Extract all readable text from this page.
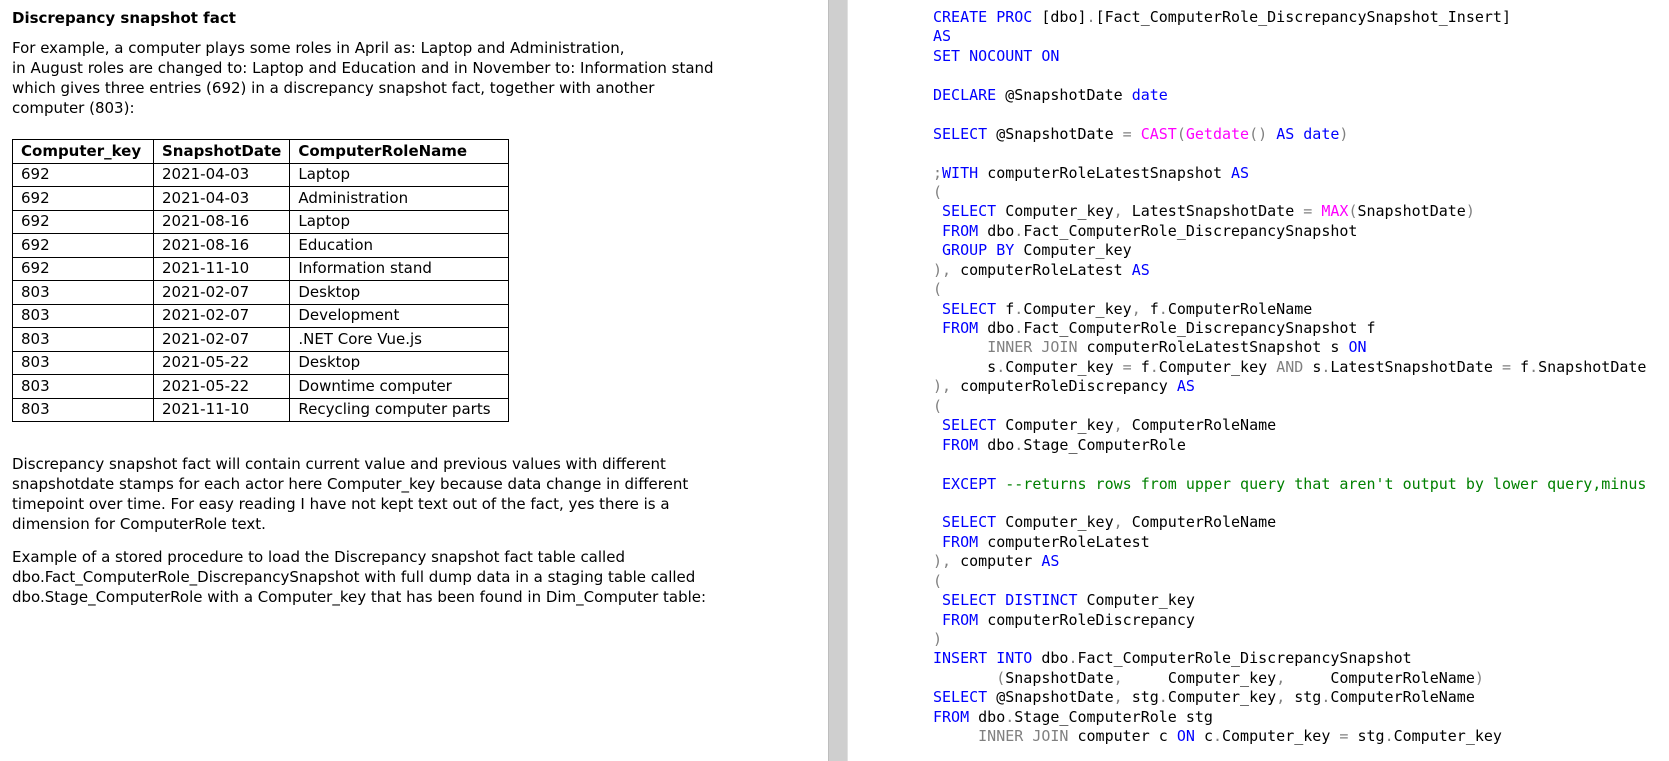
Discrepancy snapshot fact

For example, a computer plays some roles in April as: Laptop and Administration,
in August roles are changed to: Laptop and Education and in November to: Information stand
which gives three entries (692) in a discrepancy snapshot fact, together with another
computer (803):

Computer_key	SnapshotDate	ComputerRoleName
692	2021-04-03	Laptop
692	2021-04-03	Administration
692	2021-08-16	Laptop
692	2021-08-16	Education
692	2021-11-10	Information stand
803	2021-02-07	Desktop
803	2021-02-07	Development
803	2021-02-07	.NET Core Vue.js
803	2021-05-22	Desktop
803	2021-05-22	Downtime computer
803	2021-11-10	Recycling computer parts

Discrepancy snapshot fact will contain current value and previous values with different
snapshotdate stamps for each actor here Computer_key because data change in different
timepoint over time. For easy reading I have not kept text out of the fact, yes there is a
dimension for ComputerRole text.

Example of a stored procedure to load the Discrepancy snapshot fact table called
dbo.Fact_ComputerRole_DiscrepancySnapshot with full dump data in a staging table called
dbo.Stage_ComputerRole with a Computer_key that has been found in Dim_Computer table:

CREATE PROC [dbo].[Fact_ComputerRole_DiscrepancySnapshot_Insert]
AS
SET NOCOUNT ON

DECLARE @SnapshotDate date

SELECT @SnapshotDate = CAST(Getdate() AS date)

;WITH computerRoleLatestSnapshot AS
(
SELECT Computer_key, LatestSnapshotDate = MAX(SnapshotDate)
FROM dbo.Fact_ComputerRole_DiscrepancySnapshot
GROUP BY Computer_key
), computerRoleLatest AS
(
SELECT f.Computer_key, f.ComputerRoleName
FROM dbo.Fact_ComputerRole_DiscrepancySnapshot f
INNER JOIN computerRoleLatestSnapshot s ON
s.Computer_key = f.Computer_key AND s.LatestSnapshotDate = f.SnapshotDate
), computerRoleDiscrepancy AS
(
SELECT Computer_key, ComputerRoleName
FROM dbo.Stage_ComputerRole

EXCEPT --returns rows from upper query that aren't output by lower query,minus

SELECT Computer_key, ComputerRoleName
FROM computerRoleLatest
), computer AS
(
SELECT DISTINCT Computer_key
FROM computerRoleDiscrepancy
)
INSERT INTO dbo.Fact_ComputerRole_DiscrepancySnapshot
(SnapshotDate,     Computer_key,     ComputerRoleName)
SELECT @SnapshotDate, stg.Computer_key, stg.ComputerRoleName
FROM dbo.Stage_ComputerRole stg
INNER JOIN computer c ON c.Computer_key = stg.Computer_key
